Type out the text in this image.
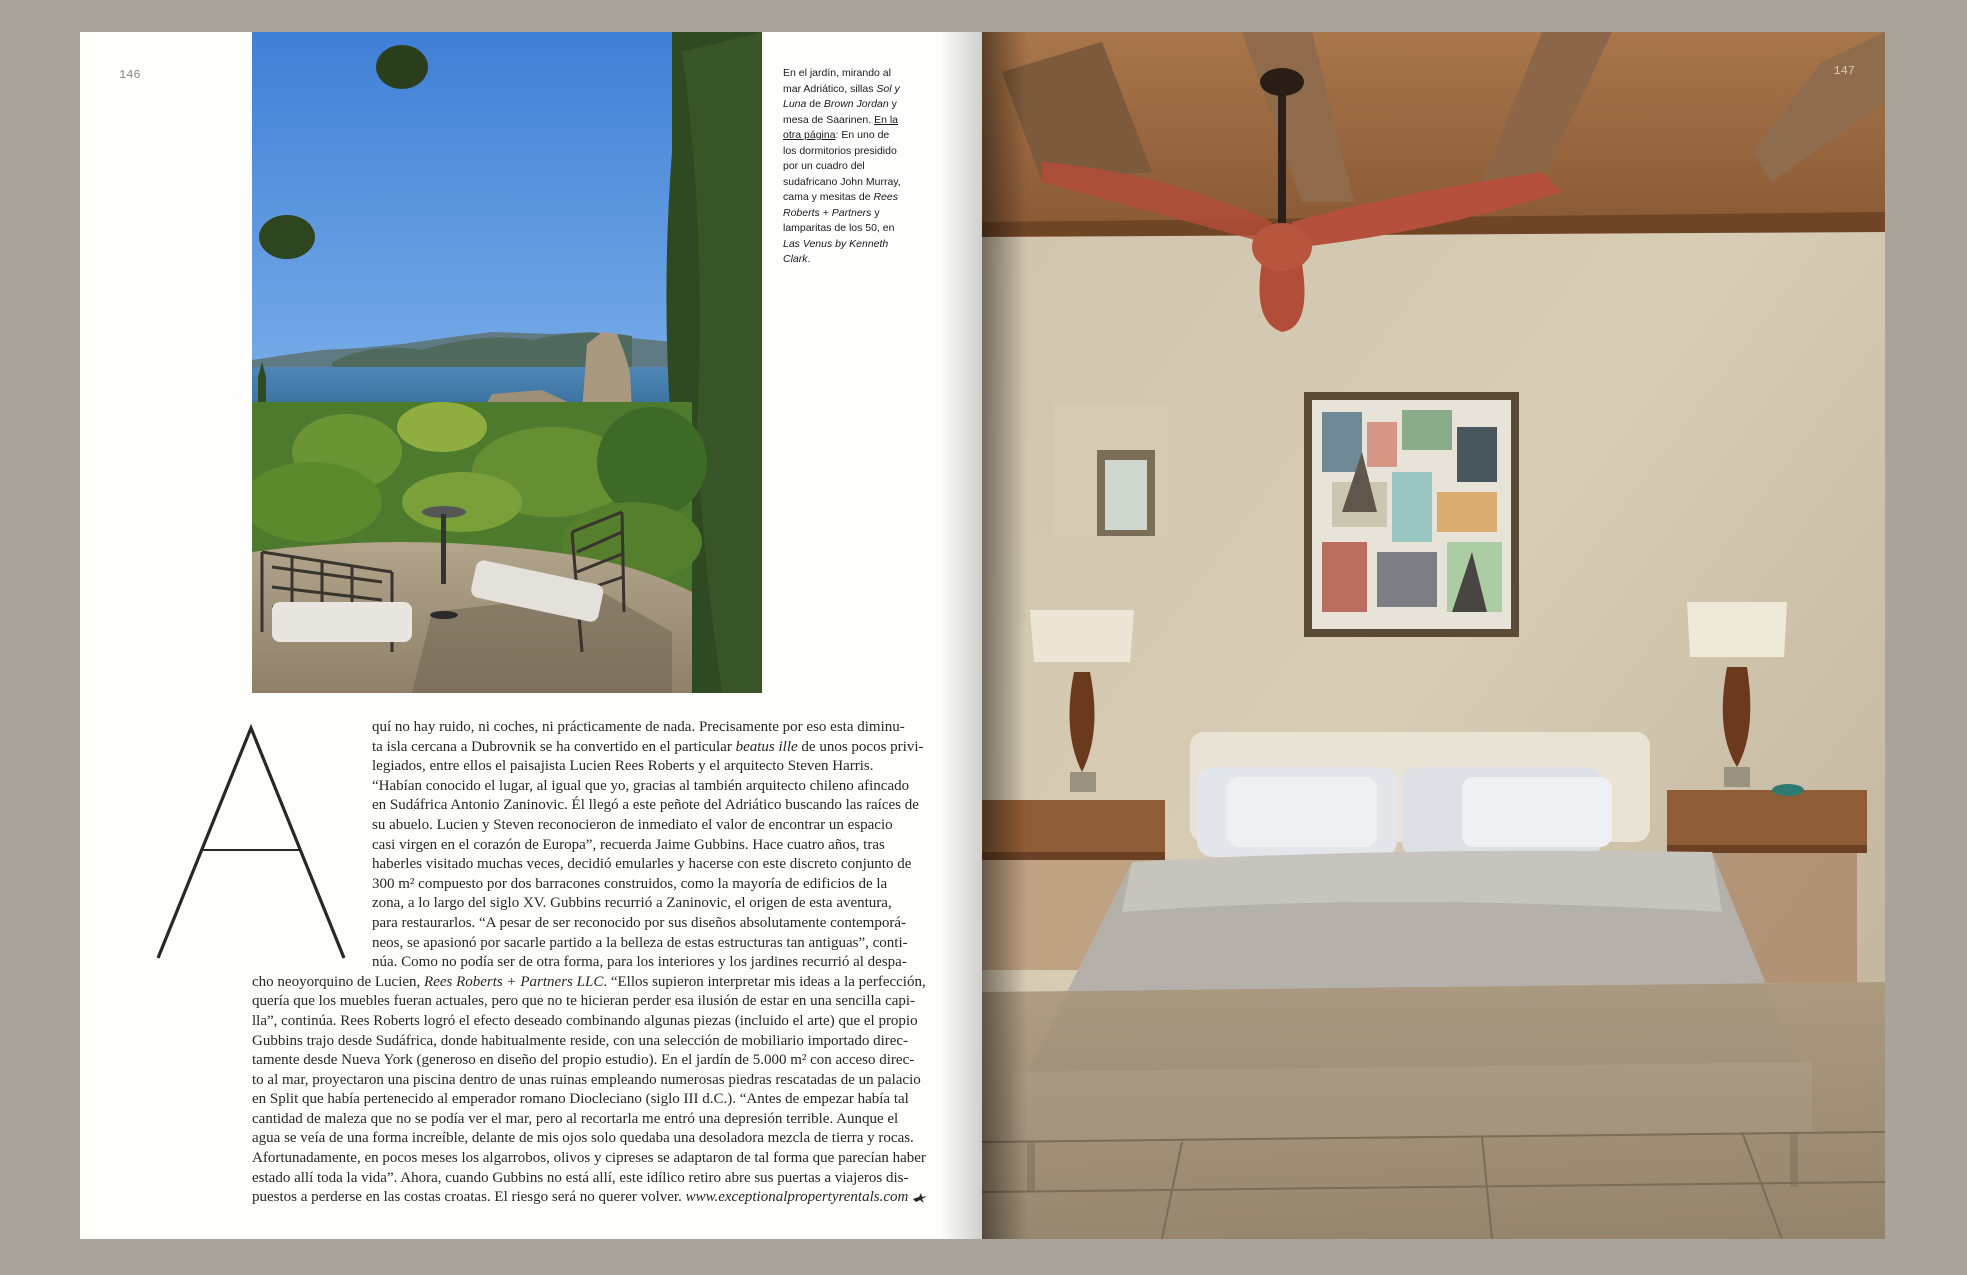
146	En el jardín, mirando al mar Adriático, sillas Sol y Luna de Brown Jordan y mesa de Saarinen. En la otra página: En uno de los dormitorios presidido por un cuadro del sudafricano John Murray, cama y mesitas de Rees Roberts + Partners y lamparitas de los 50, en Las Venus by Kenneth Clark.
A
quí no hay ruido, ni coches, ni prácticamente de nada. Precisamente por eso esta diminu-
ta isla cercana a Dubrovnik se ha convertido en el particular beatus ille de unos pocos privi-
legiados, entre ellos el paisajista Lucien Rees Roberts y el arquitecto Steven Harris.
“Habían conocido el lugar, al igual que yo, gracias al también arquitecto chileno afincado
en Sudáfrica Antonio Zaninovic. Él llegó a este peñote del Adriático buscando las raíces de
su abuelo. Lucien y Steven reconocieron de inmediato el valor de encontrar un espacio
casi virgen en el corazón de Europa”, recuerda Jaime Gubbins. Hace cuatro años, tras
haberles visitado muchas veces, decidió emularles y hacerse con este discreto conjunto de
300 m² compuesto por dos barracones construidos, como la mayoría de edificios de la
zona, a lo largo del siglo XV. Gubbins recurrió a Zaninovic, el origen de esta aventura,
para restaurarlos. “A pesar de ser reconocido por sus diseños absolutamente contemporá-
neos, se apasionó por sacarle partido a la belleza de estas estructuras tan antiguas”, conti-
núa. Como no podía ser de otra forma, para los interiores y los jardines recurrió al despa-
cho neoyorquino de Lucien, Rees Roberts + Partners LLC. “Ellos supieron interpretar mis ideas a la perfección,
quería que los muebles fueran actuales, pero que no te hicieran perder esa ilusión de estar en una sencilla capi-
lla”, continúa. Rees Roberts logró el efecto deseado combinando algunas piezas (incluido el arte) que el propio
Gubbins trajo desde Sudáfrica, donde habitualmente reside, con una selección de mobiliario importado direc-
tamente desde Nueva York (generoso en diseño del propio estudio). En el jardín de 5.000 m² con acceso direc-
to al mar, proyectaron una piscina dentro de unas ruinas empleando numerosas piedras rescatadas de un palacio
en Split que había pertenecido al emperador romano Diocleciano (siglo III d.C.). “Antes de empezar había tal
cantidad de maleza que no se podía ver el mar, pero al recortarla me entró una depresión terrible. Aunque el
agua se veía de una forma increíble, delante de mis ojos solo quedaba una desoladora mezcla de tierra y rocas.
Afortunadamente, en pocos meses los algarrobos, olivos y cipreses se adaptaron de tal forma que parecían haber
estado allí toda la vida”. Ahora, cuando Gubbins no está allí, este idílico retiro abre sus puertas a viajeros dis-
puestos a perderse en las costas croatas. El riesgo será no querer volver. www.exceptionalpropertyrentals.com
147
